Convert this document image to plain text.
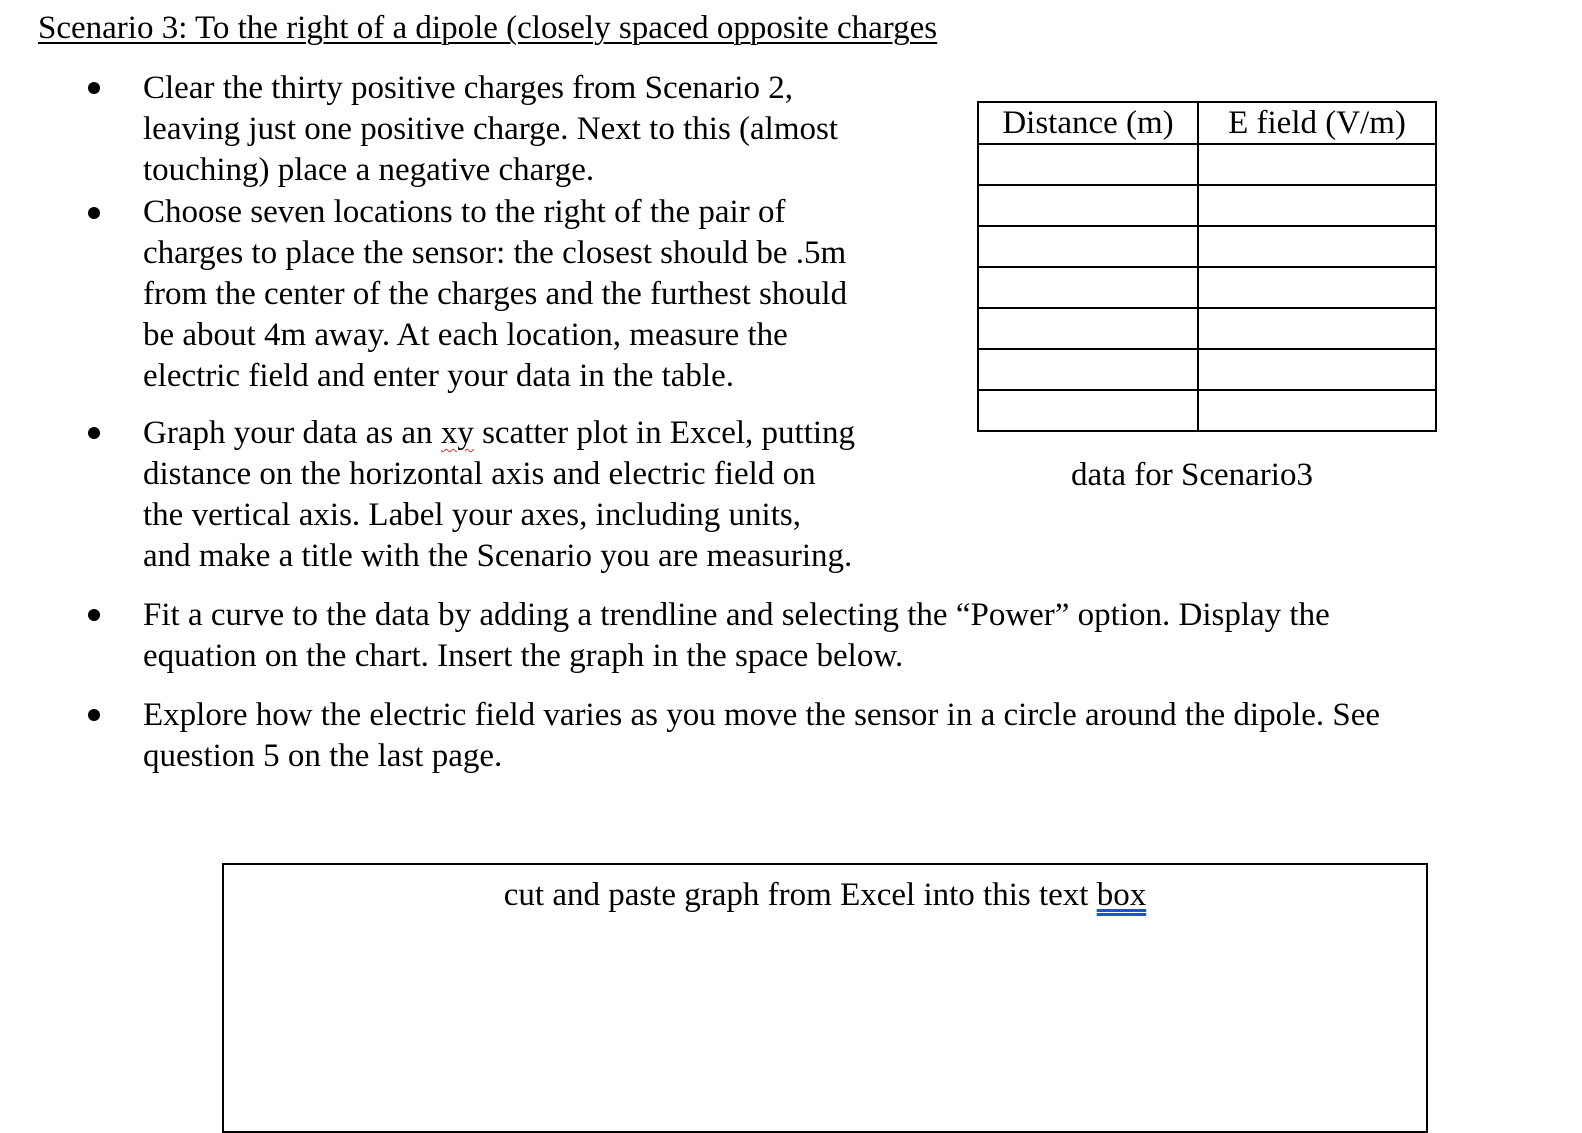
Scenario 3: To the right of a dipole (closely spaced opposite charges
Clear the thirty positive charges from Scenario 2,
leaving just one positive charge. Next to this (almost
touching) place a negative charge.
Choose seven locations to the right of the pair of
charges to place the sensor: the closest should be .5m
from the center of the charges and the furthest should
be about 4m away. At each location, measure the
electric field and enter your data in the table.
Graph your data as an xy scatter plot in Excel, putting
distance on the horizontal axis and electric field on
the vertical axis. Label your axes, including units,
and make a title with the Scenario you are measuring.
Fit a curve to the data by adding a trendline and selecting the “Power” option. Display the
equation on the chart. Insert the graph in the space below.
Explore how the electric field varies as you move the sensor in a circle around the dipole. See
question 5 on the last page.
Distance (m)	E field (V/m)

data for Scenario3
cut and paste graph from Excel into this text box
